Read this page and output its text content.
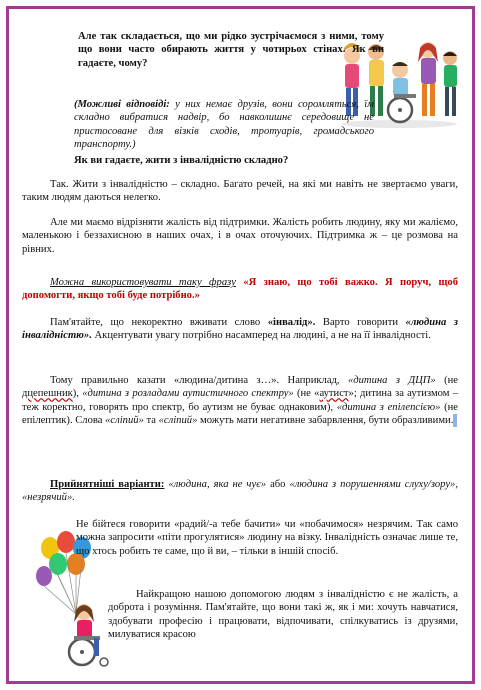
Але так складається, що ми рідко зустрічаємося з ними, тому що вони часто обирають життя у чотирьох стінах. Як ви гадаєте, чому?

(Можливі відповіді: у них немає друзів, вони соромляться, їм складно вибратися надвір, бо навколишнє середовище не пристосоване для візків сходів, тротуарів, громадського транспорту.)

Як ви гадаєте, жити з інвалідністю складно?

Так. Жити з інвалідністю – складно. Багато речей, на які ми навіть не звертаємо уваги, таким людям даються нелегко.

Але ми маємо відрізняти жалість від підтримки. Жалість робить людину, яку ми жаліємо, маленькою і беззахисною в наших очах, і в очах оточуючих. Підтримка ж – це розмова на рівних.

Можна використовувати таку фразу «Я знаю, що тобі важко. Я поруч, щоб допомогти, якщо тобі буде потрібно.»

Пам'ятайте, що некоректно вживати слово «інвалід». Варто говорити «людина з інвалідністю». Акцентувати увагу потрібно насамперед на людині, а не на її інвалідності.

Тому правильно казати «людина/дитина з…». Наприклад, «дитина з ДЦП» (не дцепешник), «дитина з розладами аутистичного спектру» (не «аутист»; дитина за аутизмом – теж коректно, говорять про спектр, бо аутизм не буває однаковим), «дитина з епілепсією» (не епілептик). Слова «сліпий» та «сліпий» можуть мати негативне забарвлення, бути образливими.

Прийнятніші варіанти: «людина, яка не чує» або «людина з порушеннями слуху/зору», «незрячий».

Не бійтеся говорити «радий/-а тебе бачити» чи «побачимося» незрячим. Так само можна запросити «піти прогулятися» людину на візку. Інвалідність означає лише те, що хтось робить те саме, що й ви, – тільки в іншій спосіб.

Найкращою нашою допомогою людям з інвалідністю є не жалість, а доброта і розуміння. Пам'ятайте, що вони такі ж, як і ми: хочуть навчатися, здобувати професію і працювати, відпочивати, спілкуватись із друзями, милуватися красою
